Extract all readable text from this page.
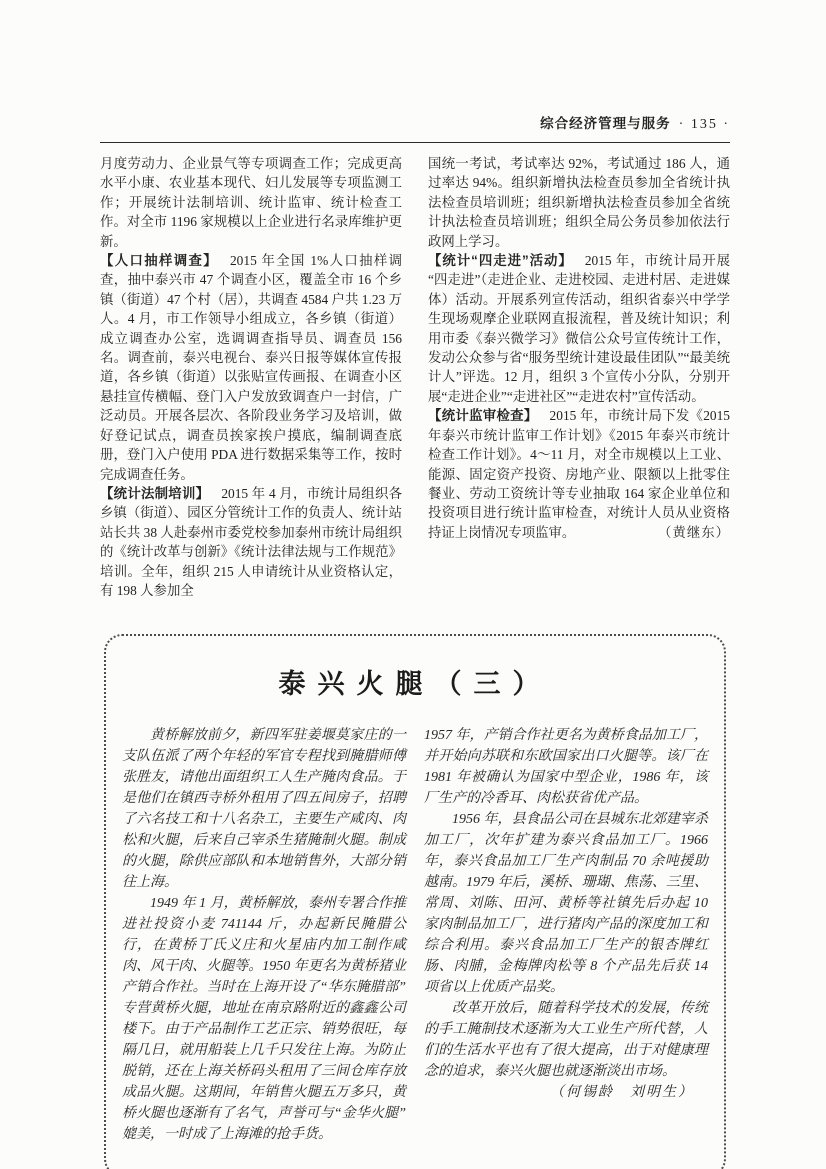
综合经济管理与服务 · 135 ·

月度劳动力、企业景气等专项调查工作；完成更高水平小康、农业基本现代、妇儿发展等专项监测工作；开展统计法制培训、统计监审、统计检查工作。对全市 1196 家规模以上企业进行名录库维护更新。

【人口抽样调查】 2015 年全国 1%人口抽样调查，抽中泰兴市 47 个调查小区，覆盖全市 16 个乡镇（街道）47 个村（居），共调查 4584 户共 1.23 万人。4 月，市工作领导小组成立，各乡镇（街道）成立调查办公室，选调调查指导员、调查员 156 名。调查前，泰兴电视台、泰兴日报等媒体宣传报道，各乡镇（街道）以张贴宣传画报、在调查小区悬挂宣传横幅、登门入户发放致调查户一封信，广泛动员。开展各层次、各阶段业务学习及培训，做好登记试点，调查员挨家挨户摸底，编制调查底册，登门入户使用 PDA 进行数据采集等工作，按时完成调查任务。

【统计法制培训】 2015 年 4 月，市统计局组织各乡镇（街道）、园区分管统计工作的负责人、统计站站长共 38 人赴泰州市委党校参加泰州市统计局组织的《统计改革与创新》《统计法律法规与工作规范》培训。全年，组织 215 人申请统计从业资格认定，有 198 人参加全

国统一考试，考试率达 92%，考试通过 186 人，通过率达 94%。组织新增执法检查员参加全省统计执法检查员培训班；组织新增执法检查员参加全省统计执法检查员培训班；组织全局公务员参加依法行政网上学习。

【统计“四走进”活动】 2015 年，市统计局开展“四走进”（走进企业、走进校园、走进村居、走进媒体）活动。开展系列宣传活动，组织省泰兴中学学生现场观摩企业联网直报流程，普及统计知识；利用市委《泰兴微学习》微信公众号宣传统计工作，发动公众参与省“服务型统计建设最佳团队”“最美统计人”评选。12 月，组织 3 个宣传小分队，分别开展“走进企业”“走进社区”“走进农村”宣传活动。

【统计监审检查】 2015 年，市统计局下发《2015 年泰兴市统计监审工作计划》《2015 年泰兴市统计检查工作计划》。4～11 月，对全市规模以上工业、能源、固定资产投资、房地产业、限额以上批零住餐业、劳动工资统计等专业抽取 164 家企业单位和投资项目进行统计监审检查，对统计人员从业资格持证上岗情况专项监审。	（黄继东）

泰兴火腿（三）

黄桥解放前夕，新四军驻姜堰莫家庄的一支队伍派了两个年轻的军官专程找到腌腊师傅张胜友，请他出面组织工人生产腌肉食品。于是他们在镇西寺桥外租用了四五间房子，招聘了六名技工和十八名杂工，主要生产咸肉、肉松和火腿，后来自己宰杀生猪腌制火腿。制成的火腿，除供应部队和本地销售外，大部分销往上海。

1949 年 1 月，黄桥解放，泰州专署合作推进社投资小麦 741144 斤，办起新民腌腊公行，在黄桥丁氏义庄和火星庙内加工制作咸肉、风干肉、火腿等。1950 年更名为黄桥猪业产销合作社。当时在上海开设了“华东腌腊部”专营黄桥火腿，地址在南京路附近的鑫鑫公司楼下。由于产品制作工艺正宗、销势很旺，每隔几日，就用船装上几千只发往上海。为防止脱销，还在上海关桥码头租用了三间仓库存放成品火腿。这期间，年销售火腿五万多只，黄桥火腿也逐渐有了名气，声誉可与“金华火腿”媲美，一时成了上海滩的抢手货。

1957 年，产销合作社更名为黄桥食品加工厂，并开始向苏联和东欧国家出口火腿等。该厂在 1981 年被确认为国家中型企业，1986 年，该厂生产的冷香耳、肉松获省优产品。

1956 年，县食品公司在县城东北郊建宰杀加工厂，次年扩建为泰兴食品加工厂。1966 年，泰兴食品加工厂生产肉制品 70 余吨援助越南。1979 年后，溪桥、珊瑚、焦荡、三里、常周、刘陈、田河、黄桥等社镇先后办起 10 家肉制品加工厂，进行猪肉产品的深度加工和综合利用。泰兴食品加工厂生产的银杏牌红肠、肉脯，金梅牌肉松等 8 个产品先后获 14 项省以上优质产品奖。

改革开放后，随着科学技术的发展，传统的手工腌制技术逐渐为大工业生产所代替，人们的生活水平也有了很大提高，出于对健康理念的追求，泰兴火腿也就逐渐淡出市场。

（何锡龄　刘明生）
